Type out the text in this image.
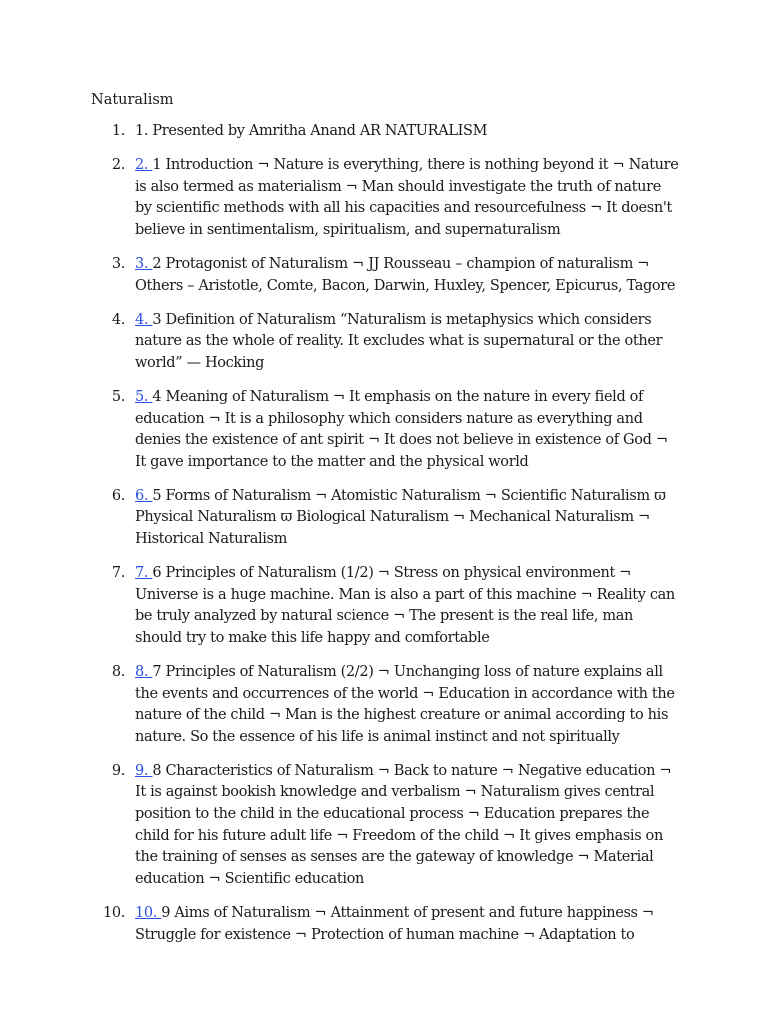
Naturalism
1. 1. Presented by Amritha Anand AR NATURALISM
2. 2. 1 Introduction ¬ Nature is everything, there is nothing beyond it ¬ Nature is also termed as materialism ¬ Man should investigate the truth of nature by scientific methods with all his capacities and resourcefulness ¬ It doesn't believe in sentimentalism, spiritualism, and supernaturalism
3. 3. 2 Protagonist of Naturalism ¬ JJ Rousseau – champion of naturalism ¬ Others – Aristotle, Comte, Bacon, Darwin, Huxley, Spencer, Epicurus, Tagore
4. 4. 3 Definition of Naturalism “Naturalism is metaphysics which considers nature as the whole of reality. It excludes what is supernatural or the other world” — Hocking
5. 5. 4 Meaning of Naturalism ¬ It emphasis on the nature in every field of education ¬ It is a philosophy which considers nature as everything and denies the existence of ant spirit ¬ It does not believe in existence of God ¬ It gave importance to the matter and the physical world
6. 6. 5 Forms of Naturalism ¬ Atomistic Naturalism ¬ Scientific Naturalism ϖ Physical Naturalism ϖ Biological Naturalism ¬ Mechanical Naturalism ¬ Historical Naturalism
7. 7. 6 Principles of Naturalism (1/2) ¬ Stress on physical environment ¬ Universe is a huge machine. Man is also a part of this machine ¬ Reality can be truly analyzed by natural science ¬ The present is the real life, man should try to make this life happy and comfortable
8. 8. 7 Principles of Naturalism (2/2) ¬ Unchanging loss of nature explains all the events and occurrences of the world ¬ Education in accordance with the nature of the child ¬ Man is the highest creature or animal according to his nature. So the essence of his life is animal instinct and not spiritually
9. 9. 8 Characteristics of Naturalism ¬ Back to nature ¬ Negative education ¬ It is against bookish knowledge and verbalism ¬ Naturalism gives central position to the child in the educational process ¬ Education prepares the child for his future adult life ¬ Freedom of the child ¬ It gives emphasis on the training of senses as senses are the gateway of knowledge ¬ Material education ¬ Scientific education
10. 10. 9 Aims of Naturalism ¬ Attainment of present and future happiness ¬ Struggle for existence ¬ Protection of human machine ¬ Adaptation to
